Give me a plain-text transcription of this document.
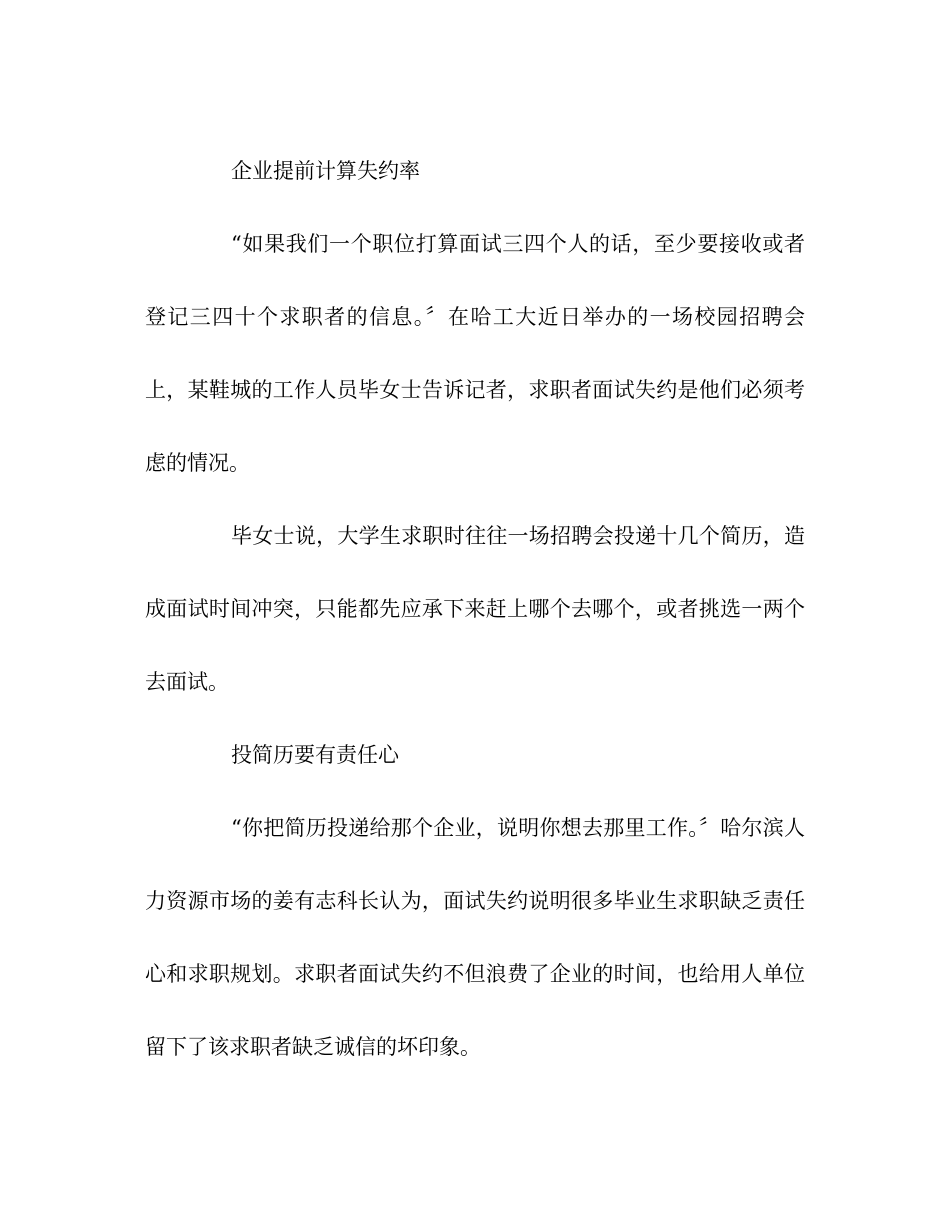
企业提前计算失约率

“如果我们一个职位打算面试三四个人的话，至少要接收或者登记三四十个求职者的信息。〞在哈工大近日举办的一场校园招聘会上，某鞋城的工作人员毕女士告诉记者，求职者面试失约是他们必须考虑的情况。

毕女士说，大学生求职时往往一场招聘会投递十几个简历，造成面试时间冲突，只能都先应承下来赶上哪个去哪个，或者挑选一两个去面试。

投简历要有责任心

“你把简历投递给那个企业，说明你想去那里工作。〞哈尔滨人力资源市场的姜有志科长认为，面试失约说明很多毕业生求职缺乏责任心和求职规划。求职者面试失约不但浪费了企业的时间，也给用人单位留下了该求职者缺乏诚信的坏印象。
